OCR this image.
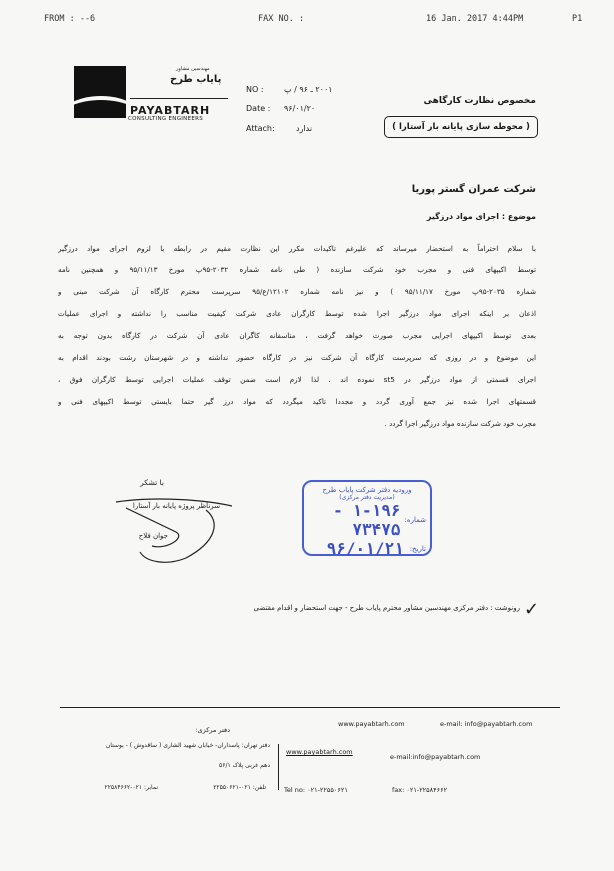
FROM : --6	FAX NO. :	16 Jan. 2017 4:44PM	P1
مهندسین مشاور
پایاب طرح
PAYABTARH
CONSULTING ENGINEERS
NO :	۲۰۰۱ ـ ۹۶ / پ
Date : ۹۶/۰۱/۲۰
Attach:	ندارد
مخصوص نظارت کارگاهی
( محوطه سازی پایانه بار آستارا )
شرکت عمران گستر پوریا
موضوع : اجرای مواد درزگیر
با سلام احتراماً به استحضار میرساند که علیرغم تاکیدات مکرر این نظارت مقیم در رابطه با لزوم اجرای مواد درزگیر
توسط اکیپهای فنی و مجرب خود شرکت سازنده ( طی نامه شماره ۲۰۳۲-۹۵پ مورخ ۹۵/۱۱/۱۳ و همچنین نامه
شماره ۲۰۳۵-۹۵پ مورخ ۹۵/۱۱/۱۷ ) و نیز نامه شماره ۱۲۱۰۲/ع/۹۵ سرپرست محترم کارگاه آن شرکت مبنی و
اذعان بر اینکه اجرای مواد درزگیر اجرا شده توسط کارگران عادی شرکت کیفیت مناسب را نداشته و اجرای عملیات
بعدی توسط اکیپهای اجرایی مجرب صورت خواهد گرفت ، متاسفانه کاگران عادی آن شرکت در کارگاه بدون توجه به
این موضوع و در روزی که سرپرست کارگاه آن شرکت نیز در کارگاه حضور نداشته و در شهرستان رشت بودند اقدام به
اجرای قسمتی از مواد درزگیر در st5 نموده اند . لذا لازم است ضمن توقف عملیات اجرایی توسط کارگران فوق ،
قسمتهای اجرا شده نیز جمع آوری گردد و مجددا تاکید میگردد که مواد درز گیر حتما بایستی توسط اکیپهای فنی و
مجرب خود شرکت سازنده مواد درزگیر اجرا گردد .
با تشکر
سرناظر پروژه پایانه بار آستارا
جوان فلاح
ورودیه دفتر شرکت پایاب طرح
(مدیریت دفتر مرکزی)
شماره:
۱-۱۹۶ - ۷۳۴۷۵
تاریخ:
۹۶/۰۱/۲۱
✓
رونوشت : دفتر مرکزی مهندسین مشاور محترم پایاب طرح - جهت استحضار و اقدام مقتضی
www.payabtarh.com	e-mail: info@payabtarh.com
دفتر مرکزی:
دفتر تهران: پاسداران- خیابان شهید الشاری ( ساقدوش ) - بوستان
دهم غربی پلاک ۵۶/۱
www.payabtarh.com
e-mail:info@payabtarh.com
نمابر: ۰۲۱-۲۲۵۸۴۶۶۲	تلفن: ۰۲۱-۲۲۵۵۰۶۲۱	Tel no: ۰۲۱-۲۲۵۵۰۶۲۱	fax: ۰۲۱-۲۲۵۸۴۶۶۲
